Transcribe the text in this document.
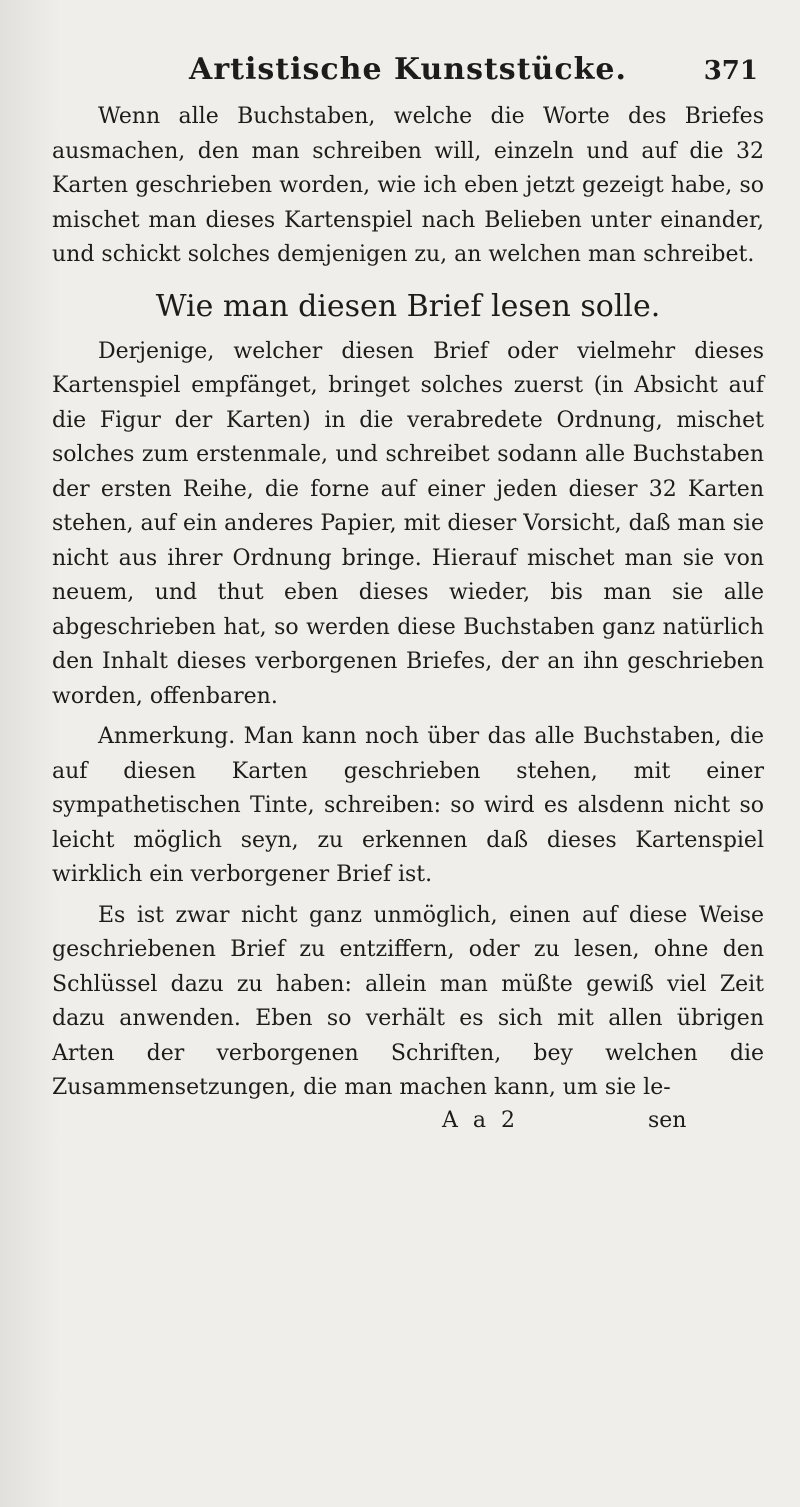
Artistische Kunststücke.	371

Wenn alle Buchstaben, welche die Worte des Briefes ausmachen, den man schreiben will, einzeln und auf die 32 Karten geschrieben worden, wie ich eben jetzt gezeigt habe, so mischet man dieses Kartenspiel nach Belieben unter einander, und schickt solches demjenigen zu, an welchen man schreibet.

Wie man diesen Brief lesen solle.

Derjenige, welcher diesen Brief oder vielmehr dieses Kartenspiel empfänget, bringet solches zuerst (in Absicht auf die Figur der Karten) in die verabredete Ordnung, mischet solches zum erstenmale, und schreibet sodann alle Buchstaben der ersten Reihe, die forne auf einer jeden dieser 32 Karten stehen, auf ein anderes Papier, mit dieser Vorsicht, daß man sie nicht aus ihrer Ordnung bringe. Hierauf mischet man sie von neuem, und thut eben dieses wieder, bis man sie alle abgeschrieben hat, so werden diese Buchstaben ganz natürlich den Inhalt dieses verborgenen Briefes, der an ihn geschrieben worden, offenbaren.

Anmerkung. Man kann noch über das alle Buchstaben, die auf diesen Karten geschrieben stehen, mit einer sympathetischen Tinte, schreiben: so wird es alsdenn nicht so leicht möglich seyn, zu erkennen daß dieses Kartenspiel wirklich ein verborgener Brief ist.

Es ist zwar nicht ganz unmöglich, einen auf diese Weise geschriebenen Brief zu entziffern, oder zu lesen, ohne den Schlüssel dazu zu haben: allein man müßte gewiß viel Zeit dazu anwenden. Eben so verhält es sich mit allen übrigen Arten der verborgenen Schriften, bey welchen die Zusammensetzungen, die man machen kann, um sie le-

A a 2	sen
